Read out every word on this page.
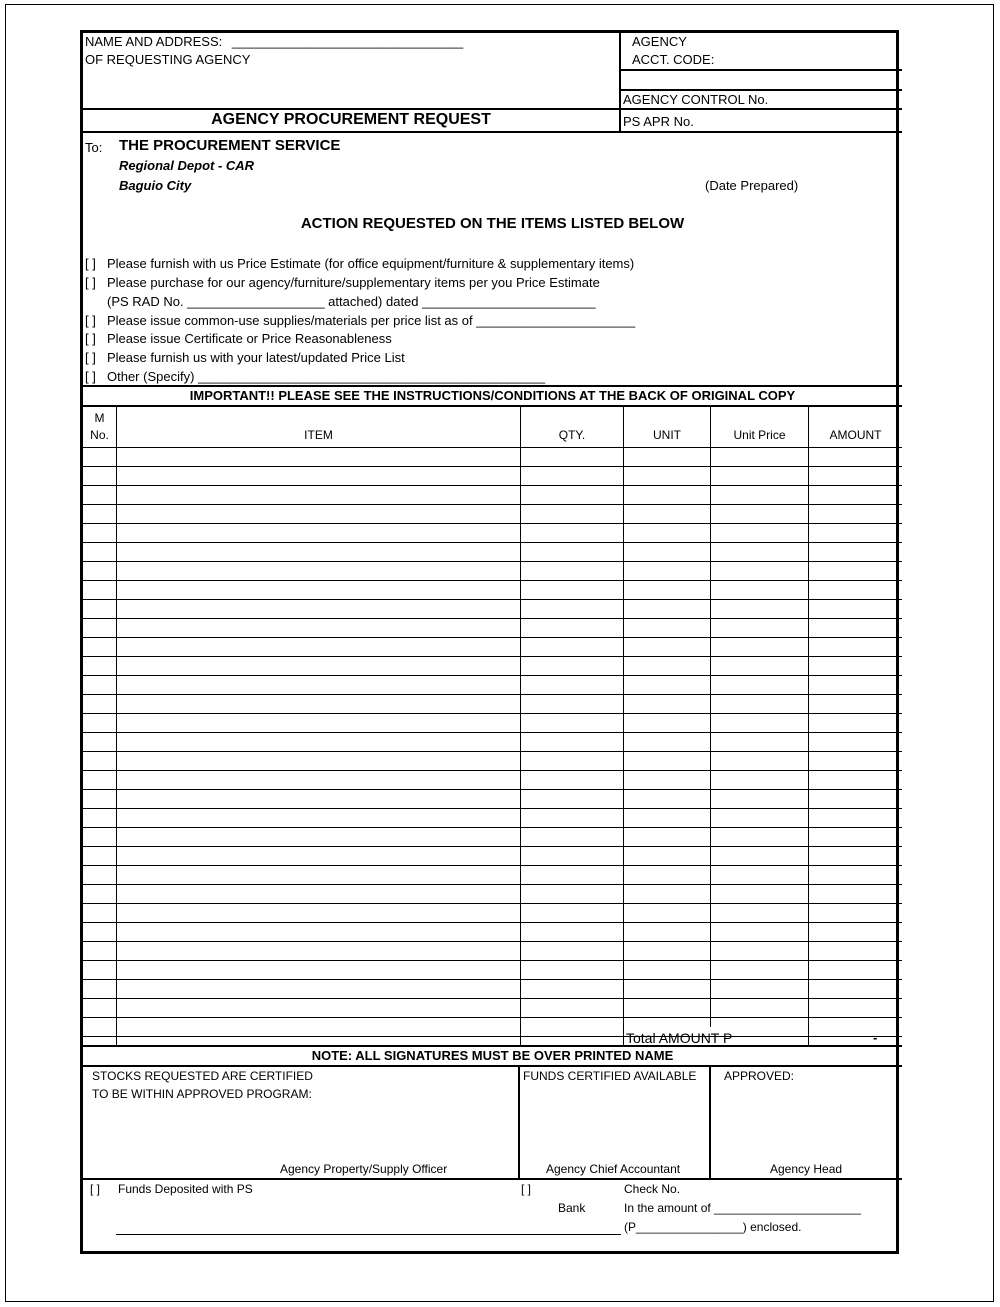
NAME AND ADDRESS: ________________________________
OF REQUESTING AGENCY
AGENCY
ACCT. CODE:
AGENCY CONTROL No.
AGENCY PROCUREMENT REQUEST	PS APR No.
To: THE PROCUREMENT SERVICE
Regional Depot - CAR
Baguio City	(Date Prepared)
ACTION REQUESTED ON THE ITEMS LISTED BELOW
[ ] Please furnish with us Price Estimate (for office equipment/furniture & supplementary items)
[ ] Please purchase for our agency/furniture/supplementary items per you Price Estimate
(PS RAD No. ___________________ attached) dated ________________________
[ ] Please issue common-use supplies/materials per price list as of ______________________
[ ] Please issue Certificate or Price Reasonableness
[ ] Please furnish us with your latest/updated Price List
[ ] Other (Specify) ________________________________________________
IMPORTANT!! PLEASE SEE THE INSTRUCTIONS/CONDITIONS AT THE BACK OF ORIGINAL COPY
M
No.	ITEM	QTY.	UNIT	Unit Price	AMOUNT
Total AMOUNT P	-
NOTE: ALL SIGNATURES MUST BE OVER PRINTED NAME
STOCKS REQUESTED ARE CERTIFIED
TO BE WITHIN APPROVED PROGRAM:
Agency Property/Supply Officer
FUNDS CERTIFIED AVAILABLE
Agency Chief Accountant
APPROVED:
Agency Head
[ ] Funds Deposited with PS	[ ]
Bank
Check No.
In the amount of ______________________
(P________________) enclosed.
